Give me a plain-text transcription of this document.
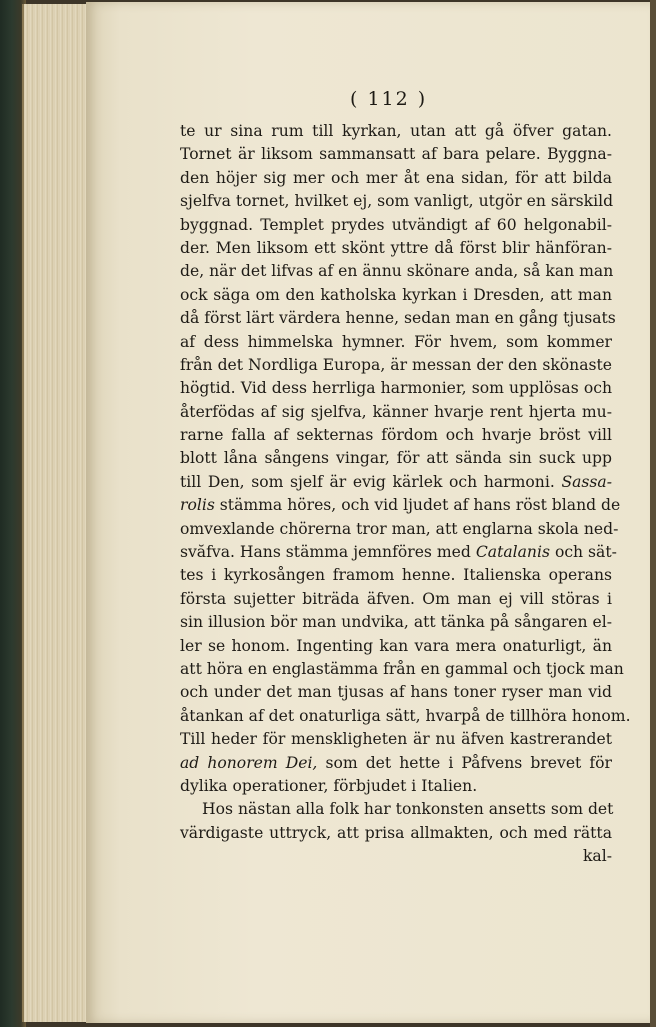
( 112 )
te ur sina rum till kyrkan, utan att gå öfver gatan.
Tornet är liksom sammansatt af bara pelare. Byggna-
den höjer sig mer och mer åt ena sidan, för att bilda
sjelfva tornet, hvilket ej, som vanligt, utgör en särskild
byggnad. Templet prydes utvändigt af 60 helgonabil-
der. Men liksom ett skönt yttre då först blir hänföran-
de, när det lifvas af en ännu skönare anda, så kan man
ock säga om den katholska kyrkan i Dresden, att man
då först lärt värdera henne, sedan man en gång tjusats
af dess himmelska hymner. För hvem, som kommer
från det Nordliga Europa, är messan der den skönaste
högtid. Vid dess herrliga harmonier, som upplösas och
återfödas af sig sjelfva, känner hvarje rent hjerta mu-
rarne falla af sekternas fördom och hvarje bröst vill
blott låna sångens vingar, för att sända sin suck upp
till Den, som sjelf är evig kärlek och harmoni. Sassa-
rolis stämma höres, och vid ljudet af hans röst bland de
omvexlande chörerna tror man, att englarna skola ned-
svăfva. Hans stämma jemnföres med Catalanis och sät-
tes i kyrkosången framom henne. Italienska operans
första sujetter biträda äfven. Om man ej vill störas i
sin illusion bör man undvika, att tänka på sångaren el-
ler se honom. Ingenting kan vara mera onaturligt, än
att höra en englastämma från en gammal och tjock man
och under det man tjusas af hans toner ryser man vid
åtankan af det onaturliga sätt, hvarpå de tillhöra honom.
Till heder för menskligheten är nu äfven kastrerandet
ad honorem Dei, som det hette i Påfvens brevet för
dylika operationer, förbjudet i Italien.
Hos nästan alla folk har tonkonsten ansetts som det
värdigaste uttryck, att prisa allmakten, och med rätta
kal-
